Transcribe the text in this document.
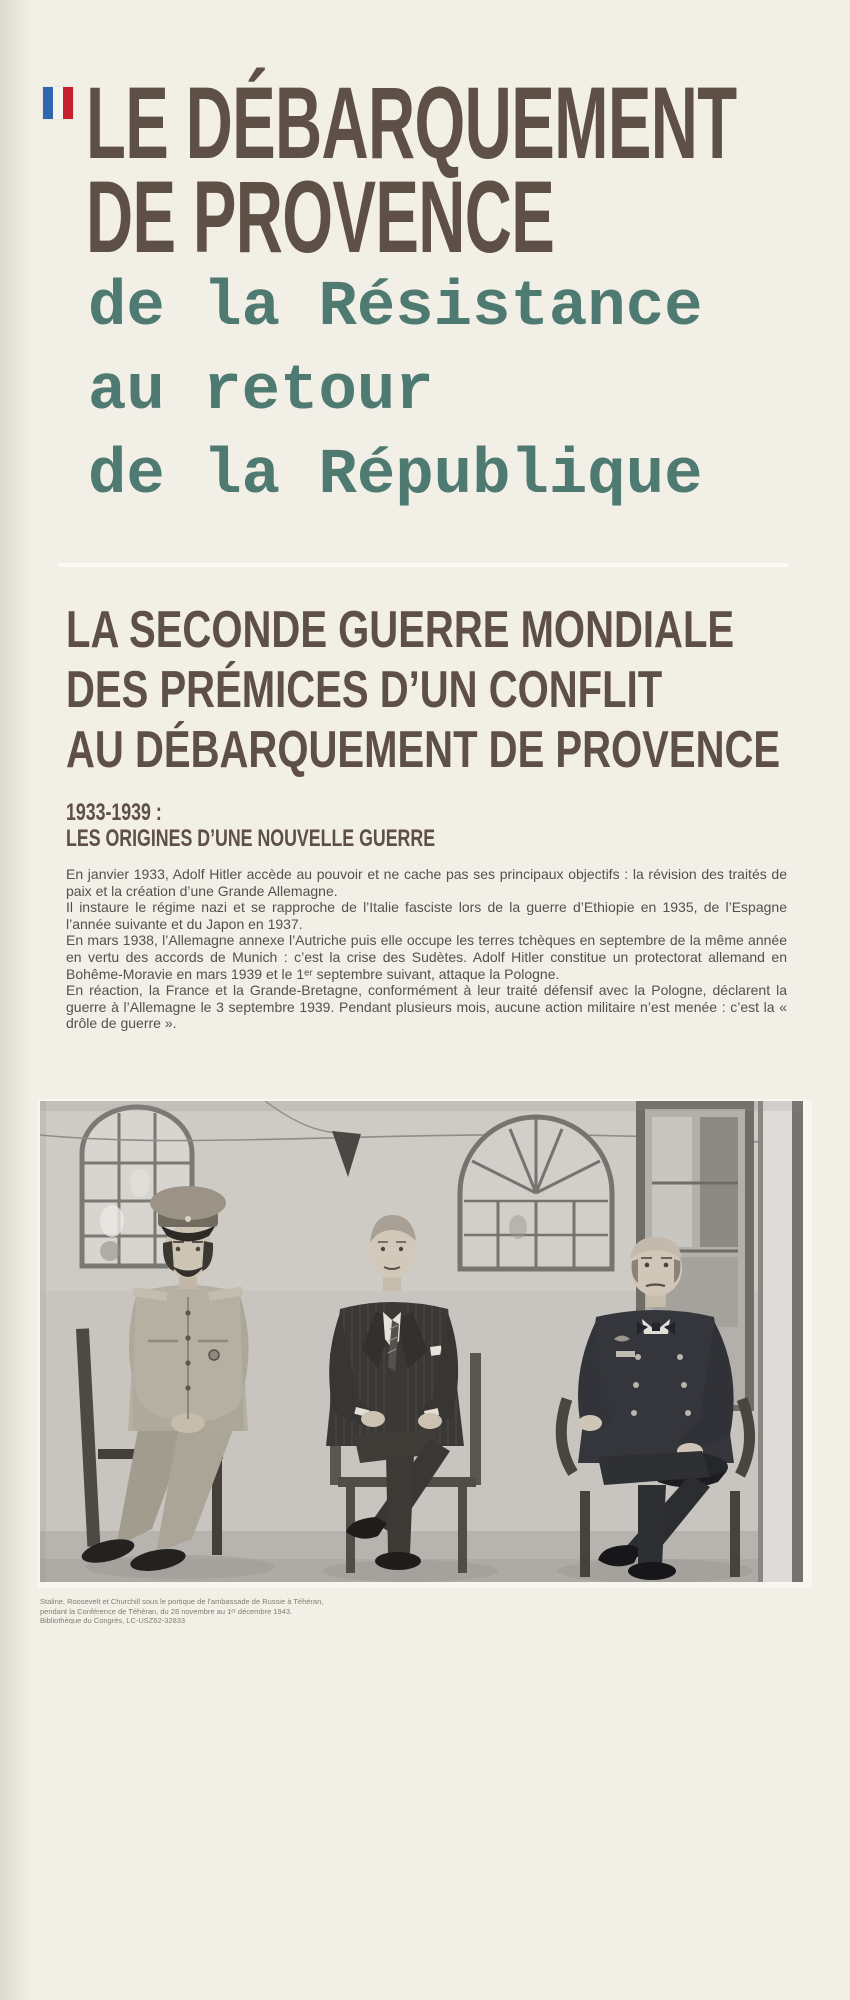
LE DÉBARQUEMENT
DE PROVENCE
de la Résistance
au retour
de la République
LA SECONDE GUERRE MONDIALE
DES PRÉMICES D’UN CONFLIT
AU DÉBARQUEMENT DE PROVENCE
1933-1939 :
LES ORIGINES D’UNE NOUVELLE GUERRE

En janvier 1933, Adolf Hitler accède au pouvoir et ne cache pas ses principaux objectifs : la révision des traités de paix et la création d’une Grande Allemagne.

Il instaure le régime nazi et se rapproche de l’Italie fasciste lors de la guerre d’Ethiopie en 1935, de l’Espagne l’année suivante et du Japon en 1937.

En mars 1938, l’Allemagne annexe l’Autriche puis elle occupe les terres tchèques en septembre de la même année en vertu des accords de Munich : c’est la crise des Sudètes. Adolf Hitler constitue un protectorat allemand en Bohême-Moravie en mars 1939 et le 1ᵉʳ septembre suivant, attaque la Pologne.

En réaction, la France et la Grande-Bretagne, conformément à leur traité défensif avec la Pologne, déclarent la guerre à l’Allemagne le 3 septembre 1939. Pendant plusieurs mois, aucune action militaire n’est menée : c’est la « drôle de guerre ».

Staline, Roosevelt et Churchill sous le portique de l’ambassade de Russie à Téhéran,
pendant la Conférence de Téhéran, du 28 novembre au 1ᵉʳ décembre 1943.
Bibliothèque du Congrès, LC-USZ62-32833
